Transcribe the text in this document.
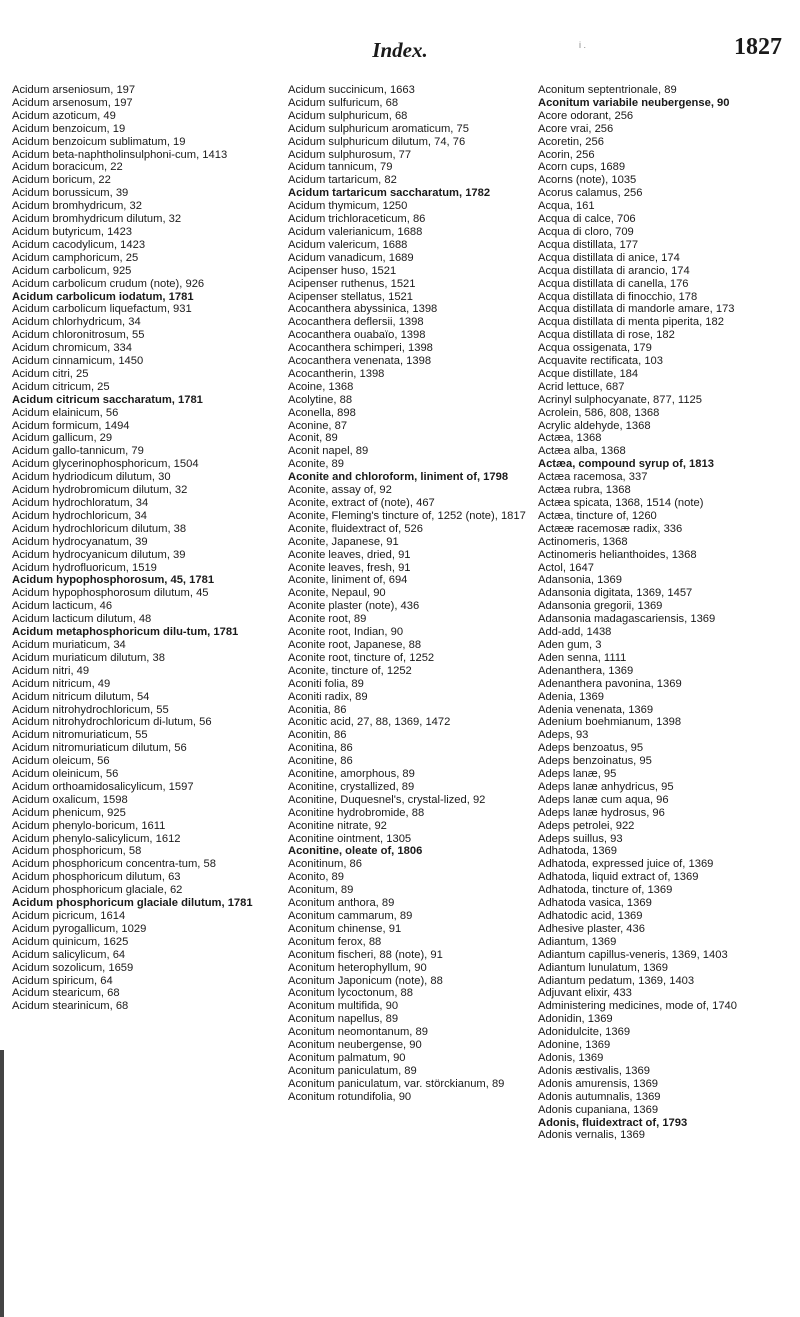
i .
Index.	1827
Acidum arseniosum, 197
Acidum arsenosum, 197
Acidum azoticum, 49
Acidum benzoicum, 19
Acidum benzoicum sublimatum, 19
Acidum beta-naphtholinsulphoni-cum, 1413
Acidum boracicum, 22
Acidum boricum, 22
Acidum borussicum, 39
Acidum bromhydricum, 32
Acidum bromhydricum dilutum, 32
Acidum butyricum, 1423
Acidum cacodylicum, 1423
Acidum camphoricum, 25
Acidum carbolicum, 925
Acidum carbolicum crudum (note), 926
Acidum carbolicum iodatum, 1781
Acidum carbolicum liquefactum, 931
Acidum chlorhydricum, 34
Acidum chloronitrosum, 55
Acidum chromicum, 334
Acidum cinnamicum, 1450
Acidum citri, 25
Acidum citricum, 25
Acidum citricum saccharatum, 1781
Acidum elainicum, 56
Acidum formicum, 1494
Acidum gallicum, 29
Acidum gallo-tannicum, 79
Acidum glycerinophosphoricum, 1504
Acidum hydriodicum dilutum, 30
Acidum hydrobromicum dilutum, 32
Acidum hydrochloratum, 34
Acidum hydrochloricum, 34
Acidum hydrochloricum dilutum, 38
Acidum hydrocyanatum, 39
Acidum hydrocyanicum dilutum, 39
Acidum hydrofluoricum, 1519
Acidum hypophosphorosum, 45, 1781
Acidum hypophosphorosum dilutum, 45
Acidum lacticum, 46
Acidum lacticum dilutum, 48
Acidum metaphosphoricum dilu-tum, 1781
Acidum muriaticum, 34
Acidum muriaticum dilutum, 38
Acidum nitri, 49
Acidum nitricum, 49
Acidum nitricum dilutum, 54
Acidum nitrohydrochloricum, 55
Acidum nitrohydrochloricum di-lutum, 56
Acidum nitromuriaticum, 55
Acidum nitromuriaticum dilutum, 56
Acidum oleicum, 56
Acidum oleinicum, 56
Acidum orthoamidosalicylicum, 1597
Acidum oxalicum, 1598
Acidum phenicum, 925
Acidum phenylo-boricum, 1611
Acidum phenylo-salicylicum, 1612
Acidum phosphoricum, 58
Acidum phosphoricum concentra-tum, 58
Acidum phosphoricum dilutum, 63
Acidum phosphoricum glaciale, 62
Acidum phosphoricum glaciale dilutum, 1781
Acidum picricum, 1614
Acidum pyrogallicum, 1029
Acidum quinicum, 1625
Acidum salicylicum, 64
Acidum sozolicum, 1659
Acidum spiricum, 64
Acidum stearicum, 68
Acidum stearinicum, 68
Acidum succinicum, 1663
Acidum sulfuricum, 68
Acidum sulphuricum, 68
Acidum sulphuricum aromaticum, 75
Acidum sulphuricum dilutum, 74, 76
Acidum sulphurosum, 77
Acidum tannicum, 79
Acidum tartaricum, 82
Acidum tartaricum saccharatum, 1782
Acidum thymicum, 1250
Acidum trichloraceticum, 86
Acidum valerianicum, 1688
Acidum valericum, 1688
Acidum vanadicum, 1689
Acipenser huso, 1521
Acipenser ruthenus, 1521
Acipenser stellatus, 1521
Acocanthera abyssinica, 1398
Acocanthera deflersii, 1398
Acocanthera ouabaïo, 1398
Acocanthera schimperi, 1398
Acocanthera venenata, 1398
Acocantherin, 1398
Acoine, 1368
Acolytine, 88
Aconella, 898
Aconine, 87
Aconit, 89
Aconit napel, 89
Aconite, 89
Aconite and chloroform, liniment of, 1798
Aconite, assay of, 92
Aconite, extract of (note), 467
Aconite, Fleming's tincture of, 1252 (note), 1817
Aconite, fluidextract of, 526
Aconite, Japanese, 91
Aconite leaves, dried, 91
Aconite leaves, fresh, 91
Aconite, liniment of, 694
Aconite, Nepaul, 90
Aconite plaster (note), 436
Aconite root, 89
Aconite root, Indian, 90
Aconite root, Japanese, 88
Aconite root, tincture of, 1252
Aconite, tincture of, 1252
Aconiti folia, 89
Aconiti radix, 89
Aconitia, 86
Aconitic acid, 27, 88, 1369, 1472
Aconitin, 86
Aconitina, 86
Aconitine, 86
Aconitine, amorphous, 89
Aconitine, crystallized, 89
Aconitine, Duquesnel's, crystal-lized, 92
Aconitine hydrobromide, 88
Aconitine nitrate, 92
Aconitine ointment, 1305
Aconitine, oleate of, 1806
Aconitinum, 86
Aconito, 89
Aconitum, 89
Aconitum anthora, 89
Aconitum cammarum, 89
Aconitum chinense, 91
Aconitum ferox, 88
Aconitum fischeri, 88 (note), 91
Aconitum heterophyllum, 90
Aconitum Japonicum (note), 88
Aconitum lycoctonum, 88
Aconitum multifida, 90
Aconitum napellus, 89
Aconitum neomontanum, 89
Aconitum neubergense, 90
Aconitum palmatum, 90
Aconitum paniculatum, 89
Aconitum paniculatum, var. störckianum, 89
Aconitum rotundifolia, 90
Aconitum septentrionale, 89
Aconitum variabile neubergense, 90
Acore odorant, 256
Acore vrai, 256
Acoretin, 256
Acorin, 256
Acorn cups, 1689
Acorns (note), 1035
Acorus calamus, 256
Acqua, 161
Acqua di calce, 706
Acqua di cloro, 709
Acqua distillata, 177
Acqua distillata di anice, 174
Acqua distillata di arancio, 174
Acqua distillata di canella, 176
Acqua distillata di finocchio, 178
Acqua distillata di mandorle amare, 173
Acqua distillata di menta piperita, 182
Acqua distillata di rose, 182
Acqua ossigenata, 179
Acquavite rectificata, 103
Acque distillate, 184
Acrid lettuce, 687
Acrinyl sulphocyanate, 877, 1125
Acrolein, 586, 808, 1368
Acrylic aldehyde, 1368
Actæa, 1368
Actæa alba, 1368
Actæa, compound syrup of, 1813
Actæa racemosa, 337
Actæa rubra, 1368
Actæa spicata, 1368, 1514 (note)
Actæa, tincture of, 1260
Actææ racemosæ radix, 336
Actinomeris, 1368
Actinomeris helianthoides, 1368
Actol, 1647
Adansonia, 1369
Adansonia digitata, 1369, 1457
Adansonia gregorii, 1369
Adansonia madagascariensis, 1369
Add-add, 1438
Aden gum, 3
Aden senna, 1111
Adenanthera, 1369
Adenanthera pavonina, 1369
Adenia, 1369
Adenia venenata, 1369
Adenium boehmianum, 1398
Adeps, 93
Adeps benzoatus, 95
Adeps benzoinatus, 95
Adeps lanæ, 95
Adeps lanæ anhydricus, 95
Adeps lanæ cum aqua, 96
Adeps lanæ hydrosus, 96
Adeps petrolei, 922
Adeps suillus, 93
Adhatoda, 1369
Adhatoda, expressed juice of, 1369
Adhatoda, liquid extract of, 1369
Adhatoda, tincture of, 1369
Adhatoda vasica, 1369
Adhatodic acid, 1369
Adhesive plaster, 436
Adiantum, 1369
Adiantum capillus-veneris, 1369, 1403
Adiantum lunulatum, 1369
Adiantum pedatum, 1369, 1403
Adjuvant elixir, 433
Administering medicines, mode of, 1740
Adonidin, 1369
Adonidulcite, 1369
Adonine, 1369
Adonis, 1369
Adonis æstivalis, 1369
Adonis amurensis, 1369
Adonis autumnalis, 1369
Adonis cupaniana, 1369
Adonis, fluidextract of, 1793
Adonis vernalis, 1369
